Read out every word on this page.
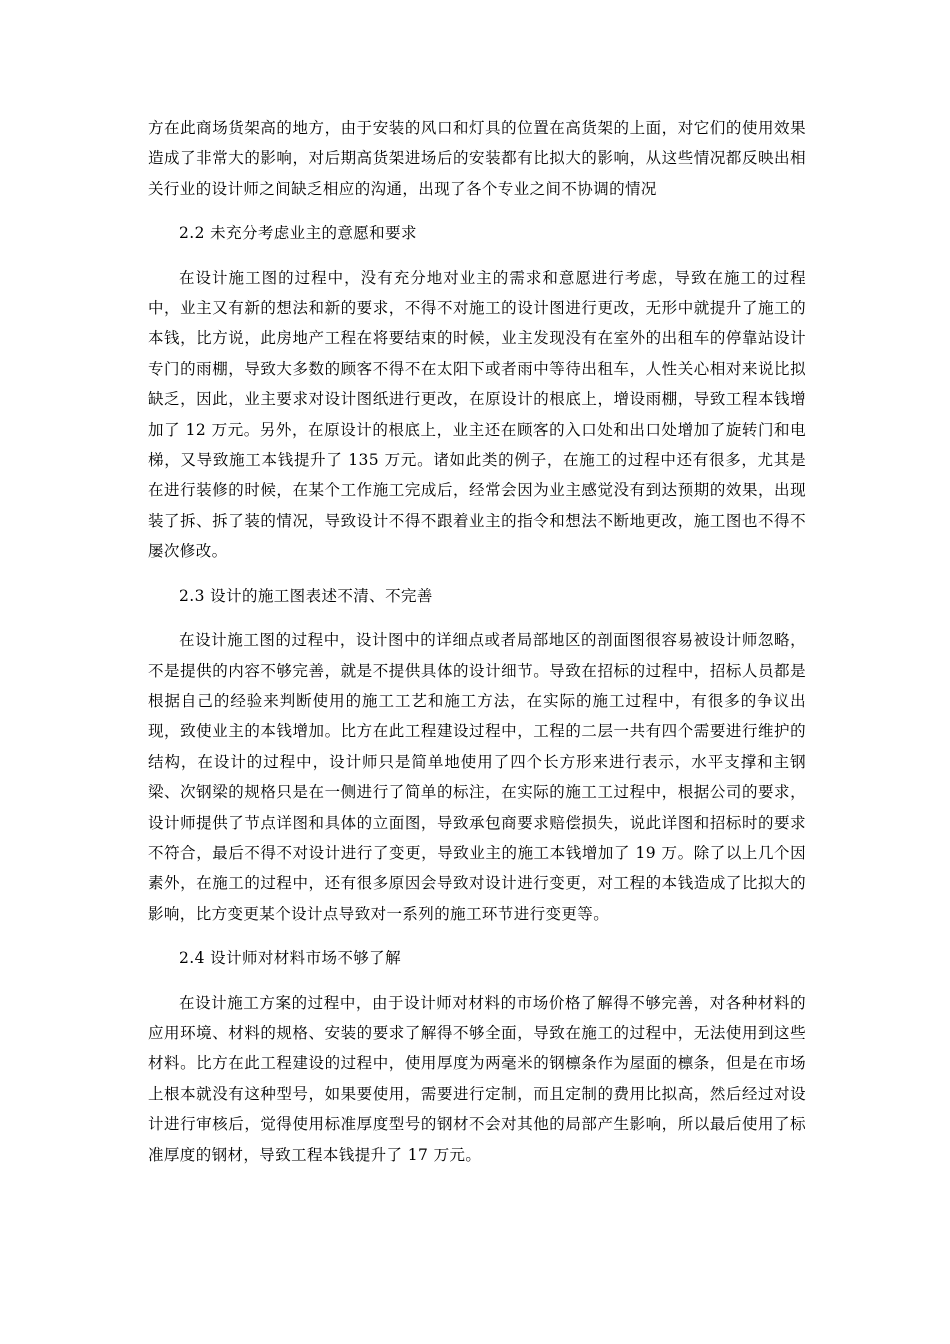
方在此商场货架高的地方，由于安装的风口和灯具的位置在高货架的上面，对它们的使用效果造成了非常大的影响，对后期高货架进场后的安装都有比拟大的影响，从这些情况都反映出相关行业的设计师之间缺乏相应的沟通，出现了各个专业之间不协调的情况

2.2 未充分考虑业主的意愿和要求

在设计施工图的过程中，没有充分地对业主的需求和意愿进行考虑，导致在施工的过程中，业主又有新的想法和新的要求，不得不对施工的设计图进行更改，无形中就提升了施工的本钱，比方说，此房地产工程在将要结束的时候，业主发现没有在室外的出租车的停靠站设计专门的雨棚，导致大多数的顾客不得不在太阳下或者雨中等待出租车，人性关心相对来说比拟缺乏，因此，业主要求对设计图纸进行更改，在原设计的根底上，增设雨棚，导致工程本钱增加了 12 万元。另外，在原设计的根底上，业主还在顾客的入口处和出口处增加了旋转门和电梯，又导致施工本钱提升了 135 万元。诸如此类的例子，在施工的过程中还有很多，尤其是在进行装修的时候，在某个工作施工完成后，经常会因为业主感觉没有到达预期的效果，出现装了拆、拆了装的情况，导致设计不得不跟着业主的指令和想法不断地更改，施工图也不得不屡次修改。

2.3 设计的施工图表述不清、不完善

在设计施工图的过程中，设计图中的详细点或者局部地区的剖面图很容易被设计师忽略，不是提供的内容不够完善，就是不提供具体的设计细节。导致在招标的过程中，招标人员都是根据自己的经验来判断使用的施工工艺和施工方法，在实际的施工过程中，有很多的争议出现，致使业主的本钱增加。比方在此工程建设过程中，工程的二层一共有四个需要进行维护的结构，在设计的过程中，设计师只是简单地使用了四个长方形来进行表示，水平支撑和主钢梁、次钢梁的规格只是在一侧进行了简单的标注，在实际的施工工过程中，根据公司的要求，设计师提供了节点详图和具体的立面图，导致承包商要求赔偿损失，说此详图和招标时的要求不符合，最后不得不对设计进行了变更，导致业主的施工本钱增加了 19 万。除了以上几个因素外，在施工的过程中，还有很多原因会导致对设计进行变更，对工程的本钱造成了比拟大的影响，比方变更某个设计点导致对一系列的施工环节进行变更等。

2.4 设计师对材料市场不够了解

在设计施工方案的过程中，由于设计师对材料的市场价格了解得不够完善，对各种材料的应用环境、材料的规格、安装的要求了解得不够全面，导致在施工的过程中，无法使用到这些材料。比方在此工程建设的过程中，使用厚度为两毫米的钢檩条作为屋面的檩条，但是在市场上根本就没有这种型号，如果要使用，需要进行定制，而且定制的费用比拟高，然后经过对设计进行审核后，觉得使用标准厚度型号的钢材不会对其他的局部产生影响，所以最后使用了标准厚度的钢材，导致工程本钱提升了 17 万元。
